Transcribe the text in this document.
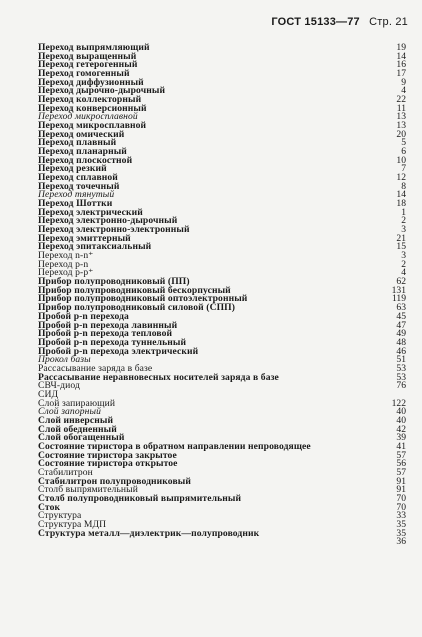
ГОСТ 15133—77 Стр. 21
Переход выпрямляющий	19
Переход выращенный	14
Переход гетерогенный	16
Переход гомогенный	17
Переход диффузионный	9
Переход дырочно-дырочный	4
Переход коллекторный	22
Переход конверсионный	11
Переход микросплавной	13
Переход микросплавной	13
Переход омический	20
Переход плавный	5
Переход планарный	6
Переход плоскостной	10
Переход резкий	7
Переход сплавной	12
Переход точечный	8
Переход тянутый	14
Переход Шоттки	18
Переход электрический	1
Переход электронно-дырочный	2
Переход электронно-электронный	3
Переход эмиттерный	21
Переход эпитаксиальный	15
Переход n-n⁺	3
Переход p-n	2
Переход p-p⁺	4
Прибор полупроводниковый (ПП)	62
Прибор полупроводниковый бескорпусный	131
Прибор полупроводниковый оптоэлектронный	119
Прибор полупроводниковый силовой (СПП)	63
Пробой p-n перехода	45
Пробой p-n перехода лавинный	47
Пробой p-n перехода тепловой	49
Пробой p-n перехода туннельный	48
Пробой p-n перехода электрический	46
Прокол базы	51
Рассасывание заряда в базе	53
Рассасывание неравновесных носителей заряда в базе	53
СВЧ-диод	76
СИД
Слой запирающий	122
Слой запорный	40
Слой инверсный	40
Слой обедненный	42
Слой обогащенный	39
Состояние тиристора в обратном направлении непроводящее	41
Состояние тиристора закрытое	57
Состояние тиристора открытое	56
Стабилитрон	57
Стабилитрон полупроводниковый	91
Столб выпрямительный	91
Столб полупроводниковый выпрямительный	70
Сток	70
Структура	33
Структура МДП	35
Структура металл—диэлектрик—полупроводник	35
36
